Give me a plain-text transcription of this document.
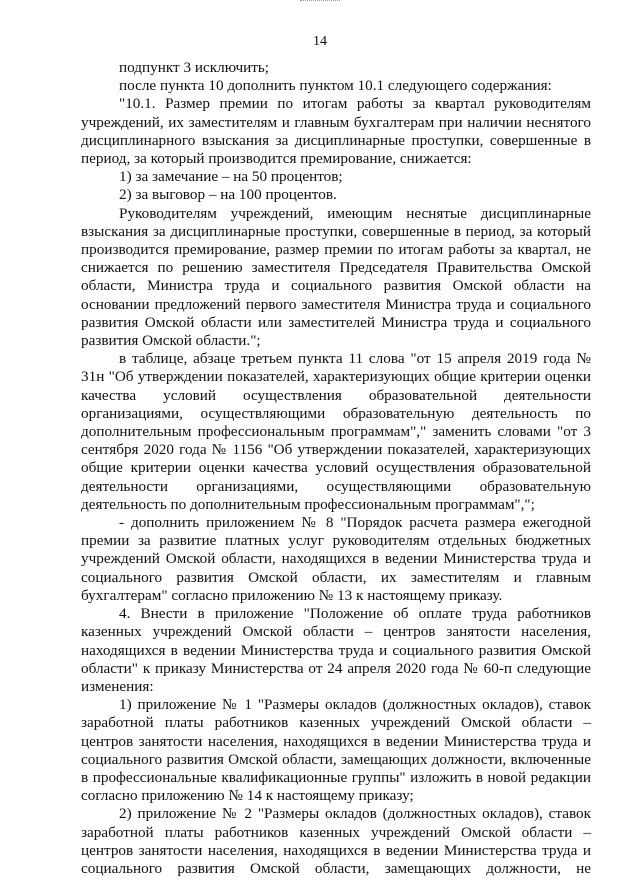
14

подпункт 3 исключить;

после пункта 10 дополнить пунктом 10.1 следующего содержания:

"10.1. Размер премии по итогам работы за квартал руководителям учреждений, их заместителям и главным бухгалтерам при наличии неснятого дисциплинарного взыскания за дисциплинарные проступки, совершенные в период, за который производится премирование, снижается:

1) за замечание – на 50 процентов;

2) за выговор – на 100 процентов.

Руководителям учреждений, имеющим неснятые дисциплинарные взыскания за дисциплинарные проступки, совершенные в период, за который производится премирование, размер премии по итогам работы за квартал, не снижается по решению заместителя Председателя Правительства Омской области, Министра труда и социального развития Омской области на основании предложений первого заместителя Министра труда и социального развития Омской области или заместителей Министра труда и социального развития Омской области.";

в таблице, абзаце третьем пункта 11 слова "от 15 апреля 2019 года № 31н "Об утверждении показателей, характеризующих общие критерии оценки качества условий осуществления образовательной деятельности организациями, осуществляющими образовательную деятельность по дополнительным профессиональным программам"," заменить словами "от 3 сентября 2020 года № 1156 "Об утверждении показателей, характеризующих общие критерии оценки качества условий осуществления образовательной деятельности организациями, осуществляющими образовательную деятельность по дополнительным профессиональным программам",";

- дополнить приложением № 8 "Порядок расчета размера ежегодной премии за развитие платных услуг руководителям отдельных бюджетных учреждений Омской области, находящихся в ведении Министерства труда и социального развития Омской области, их заместителям и главным бухгалтерам" согласно приложению № 13 к настоящему приказу.

4. Внести в приложение "Положение об оплате труда работников казенных учреждений Омской области – центров занятости населения, находящихся в ведении Министерства труда и социального развития Омской области" к приказу Министерства от 24 апреля 2020 года № 60-п следующие изменения:

1) приложение № 1 "Размеры окладов (должностных окладов), ставок заработной платы работников казенных учреждений Омской области – центров занятости населения, находящихся в ведении Министерства труда и социального развития Омской области, замещающих должности, включенные в профессиональные квалификационные группы" изложить в новой редакции согласно приложению № 14 к настоящему приказу;

2) приложение № 2 "Размеры окладов (должностных окладов), ставок заработной платы работников казенных учреждений Омской области – центров занятости населения, находящихся в ведении Министерства труда и социального развития Омской области, замещающих должности, не
